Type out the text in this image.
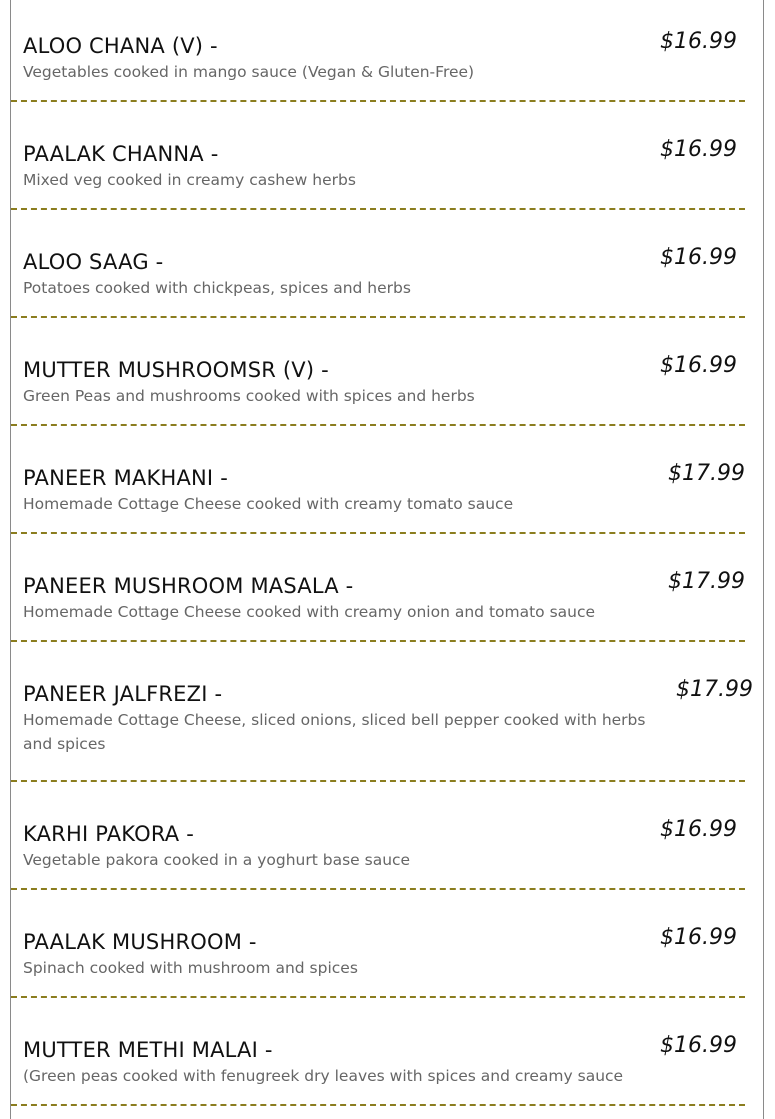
ALOO CHANA (V) -
Vegetables cooked in mango sauce (Vegan & Gluten-Free)
$16.99
PAALAK CHANNA -
Mixed veg cooked in creamy cashew herbs
$16.99
ALOO SAAG -
Potatoes cooked with chickpeas, spices and herbs
$16.99
MUTTER MUSHROOMSR (V) -
Green Peas and mushrooms cooked with spices and herbs
$16.99
PANEER MAKHANI -
Homemade Cottage Cheese cooked with creamy tomato sauce
$17.99
PANEER MUSHROOM MASALA -
Homemade Cottage Cheese cooked with creamy onion and tomato sauce
$17.99
PANEER JALFREZI -
Homemade Cottage Cheese, sliced onions, sliced bell pepper cooked with herbs and spices
$17.99
KARHI PAKORA -
Vegetable pakora cooked in a yoghurt base sauce
$16.99
PAALAK MUSHROOM -
Spinach cooked with mushroom and spices
$16.99
MUTTER METHI MALAI -
(Green peas cooked with fenugreek dry leaves with spices and creamy sauce
$16.99
